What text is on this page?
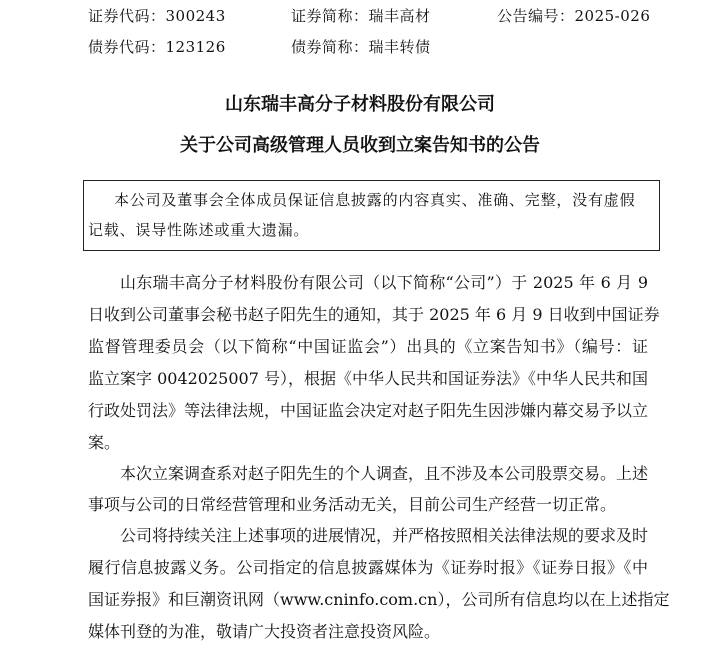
证券代码：300243	证券简称：瑞丰高材	公告编号：2025-026
债券代码：123126	债券简称：瑞丰转债
山东瑞丰高分子材料股份有限公司
关于公司高级管理人员收到立案告知书的公告
本公司及董事会全体成员保证信息披露的内容真实、准确、完整，没有虚假
记载、误导性陈述或重大遗漏。
山东瑞丰高分子材料股份有限公司（以下简称“公司”）于 2025 年 6 月 9
日收到公司董事会秘书赵子阳先生的通知，其于 2025 年 6 月 9 日收到中国证券
监督管理委员会（以下简称“中国证监会”）出具的《立案告知书》（编号：证
监立案字 0042025007 号），根据《中华人民共和国证券法》《中华人民共和国
行政处罚法》等法律法规，中国证监会决定对赵子阳先生因涉嫌内幕交易予以立
案。
本次立案调查系对赵子阳先生的个人调查，且不涉及本公司股票交易。上述
事项与公司的日常经营管理和业务活动无关，目前公司生产经营一切正常。
公司将持续关注上述事项的进展情况，并严格按照相关法律法规的要求及时
履行信息披露义务。公司指定的信息披露媒体为《证券时报》《证券日报》《中
国证券报》和巨潮资讯网（www.cninfo.com.cn），公司所有信息均以在上述指定
媒体刊登的为准，敬请广大投资者注意投资风险。
